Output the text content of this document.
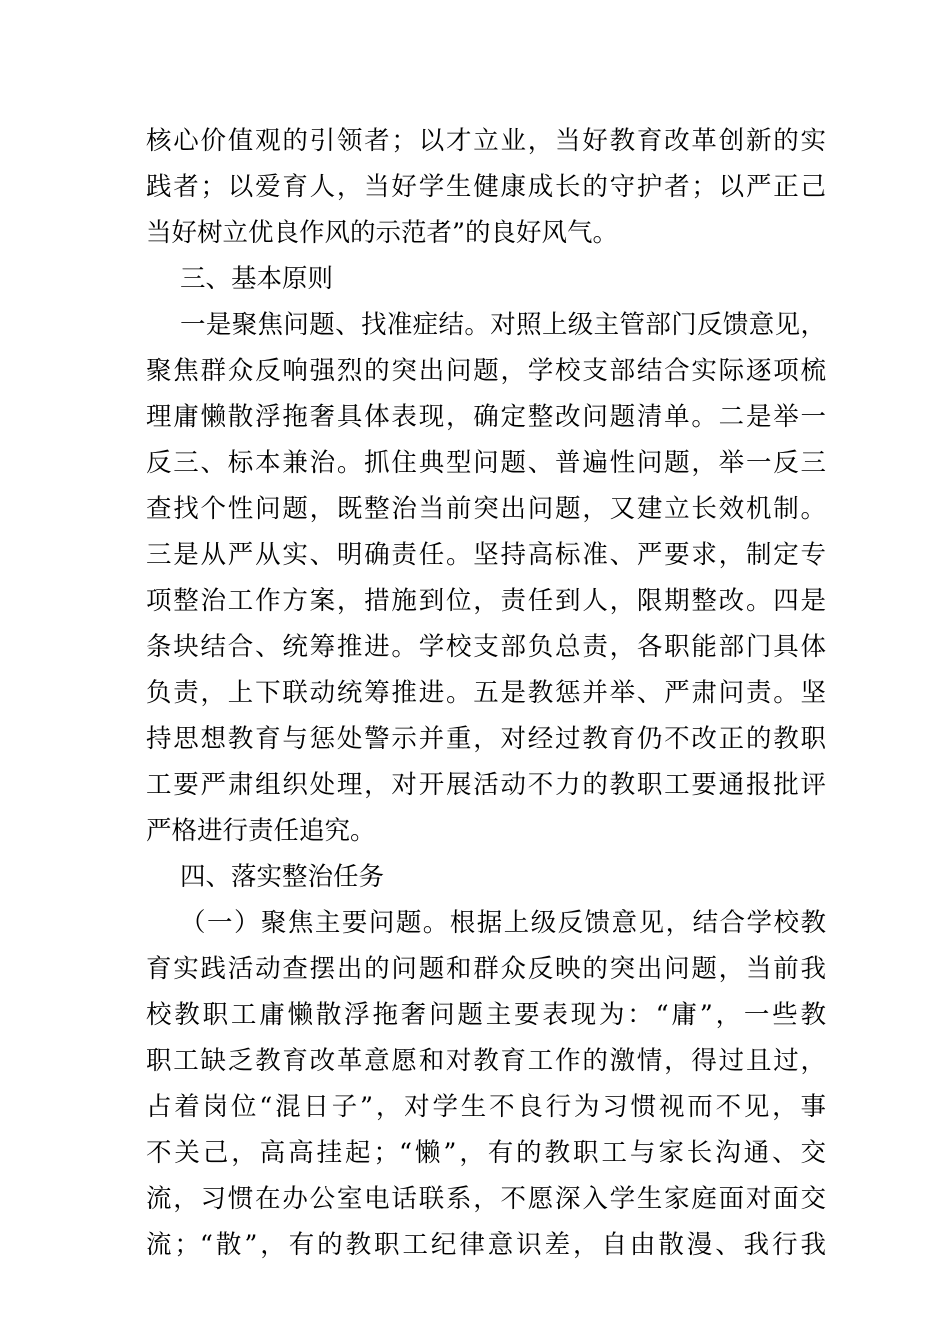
核心价值观的引领者；以才立业，当好教育改革创新的实
践者；以爱育人，当好学生健康成长的守护者；以严正己
当好树立优良作风的示范者”的良好风气。
三、基本原则
一是聚焦问题、找准症结。对照上级主管部门反馈意见，
聚焦群众反响强烈的突出问题，学校支部结合实际逐项梳
理庸懒散浮拖奢具体表现，确定整改问题清单。二是举一
反三、标本兼治。抓住典型问题、普遍性问题，举一反三
查找个性问题，既整治当前突出问题，又建立长效机制。
三是从严从实、明确责任。坚持高标准、严要求，制定专
项整治工作方案，措施到位，责任到人，限期整改。四是
条块结合、统筹推进。学校支部负总责，各职能部门具体
负责，上下联动统筹推进。五是教惩并举、严肃问责。坚
持思想教育与惩处警示并重，对经过教育仍不改正的教职
工要严肃组织处理，对开展活动不力的教职工要通报批评
严格进行责任追究。
四、落实整治任务
（一）聚焦主要问题。根据上级反馈意见，结合学校教
育实践活动查摆出的问题和群众反映的突出问题，当前我
校教职工庸懒散浮拖奢问题主要表现为：“庸”，一些教
职工缺乏教育改革意愿和对教育工作的激情，得过且过，
占着岗位“混日子”，对学生不良行为习惯视而不见，事
不关己，高高挂起；“懒”，有的教职工与家长沟通、交
流，习惯在办公室电话联系，不愿深入学生家庭面对面交
流；“散”，有的教职工纪律意识差，自由散漫、我行我
